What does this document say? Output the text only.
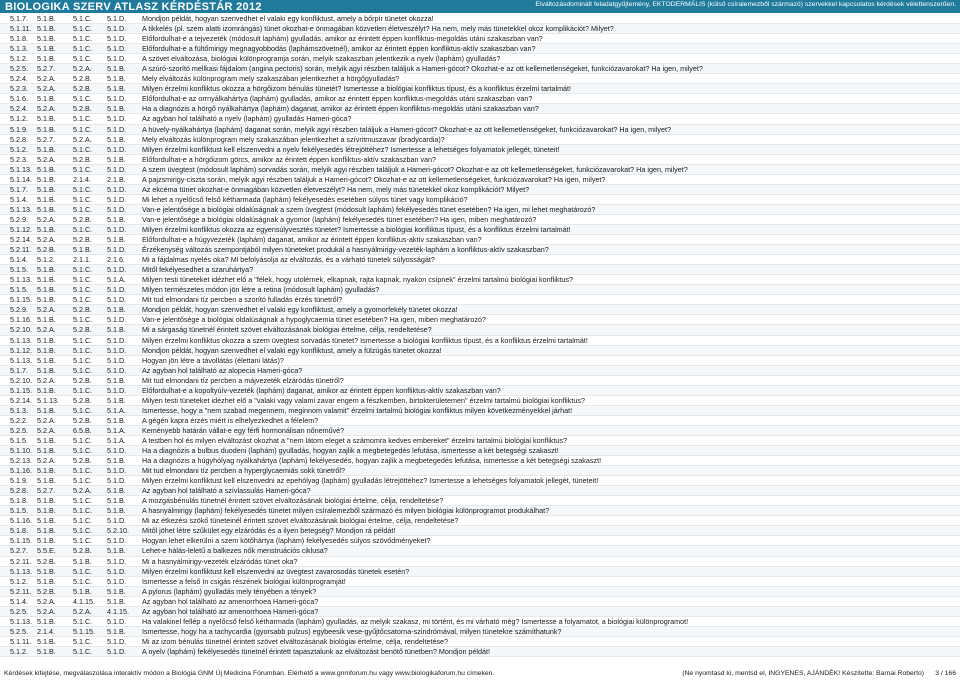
BIOLOGIKA SZERV ATLASZ KÉRDÉSTÁR 2012	Elváltozásdominált feladatgyűjtemény, EKTODERMÁLIS (külső csíralemezből származó) szervekkel kapcsolatos kérdések vélettenszerűen.
5.1.7.	5.1.B.	5.1.C.	5.1.D.	Mondjon példát, hogyan szenvedhet el valaki egy konfliktust, amely a bőrpír tünetet okozza!
5.1.11. 5.1.B.	5.1.C.	5.1.D.	A tikkelés (pl. szem alatti izomrángás) tünet okozhat-e önmagában közvetlen életveszélyt? Ha nem, mely más tünetekkel okoz komplikációt? Milyet?
5.1.8.	5.1.B.	5.1.C.	5.1.D.	Előfordulhat-e a tejvezeték (módosult laphám) gyulladás, amikor az érintett éppen konfliktus-megoldás utáni szakaszban van?
5.1.3.	5.1.B.	5.1.C.	5.1.D.	Előfordulhat-e a fültőmirigy megnagyobbodás (laphámszövetnél), amikor az érintett éppen konfliktus-aktív szakaszban van?
5.1.2.	5.1.B.	5.1.C.	5.1.D.	A szövet elváltozása, biológiai különprogramja során, melyik szakaszban jelentkezik a nyelv (laphám) gyulladás?
5.2.5.	5.2.7.	5.2.A.	5.1.B.	A szúró-szorító mellkasi fájdalom (angina pectoris) során, melyik agyi részben találjuk a Hameri-gócot? Okozhat-e az ott kellemetlenségeket, funkciózavarokat? Ha igen, milyet?
5.2.4.	5.2.A.	5.2.B.	5.1.B.	Mely elváltozás különprogram mely szakaszában jelentkezhet a hörgőgyulladás?
5.2.3.	5.2.A.	5.2.B.	5.1.B.	Milyen érzelmi konfliktus okozza a hörgőizom bénulás tünetét? Ismertesse a biológiai konfliktus típust, és a konfliktus érzelmi tartalmát!
5.1.6.	5.1.B.	5.1.C.	5.1.D.	Előfordulhat-e az orrnyálkahártya (laphám) gyulladás, amikor az érintett éppen konfliktus-megoldás utáni szakaszban van?
5.2.4.	5.2.A.	5.2.B.	5.1.B.	Ha a diagnózis a hörgő nyálkahártya (laphám) daganat, amikor az érintett éppen konfliktus-megoldás utáni szakaszban van?
5.1.2.	5.1.B.	5.1.C.	5.1.D.	Az agyban hol található a nyelv (laphám) gyulladás Hameri-góca?
5.1.9.	5.1.B.	5.1.C.	5.1.D.	A hüvely-nyálkahártya (laphám) daganat során, melyik agyi részben találjuk a Hameri-gócot? Okozhat-e az ott kellemetlenségeket, funkciózavarokat? Ha igen, milyet?
5.2.8.	5.2.7.	5.2.A.	5.1.B.	Mely elváltozás különprogram mely szakaszában jelentkezhet a szívritmuszavar (bradycardia)?
5.1.2.	5.1.B.	5.1.C.	5.1.D.	Milyen érzelmi konfliktust kell elszenvedni a nyelv fekélyesedés létrejöttéhez? Ismertesse a lehetséges folyamatok jellegét, tüneteit!
5.2.3.	5.2.A.	5.2.B.	5.1.B.	Előfordulhat-e a hörgőizom görcs, amikor az érintett éppen konfliktus-aktív szakaszban van?
5.1.13. 5.1.B.	5.1.C.	5.1.D.	A szem üvegtest (módosult laphám) sorvadás során, melyik agyi részben találjuk a Hameri-gócot? Okozhat-e az ott kellemetlenségeket, funkciózavarokat? Ha igen, milyet?
5.1.14. 5.1.B.	2.1.4.	2.1.B.	A pajzsmirigy-ciszta során, melyik agyi részben találjuk a Hameri-gócot? Okozhat-e az ott kellemetlenségeket, funkciózavarokat? Ha igen, milyet?
5.1.7.	5.1.B.	5.1.C.	5.1.D.	Az ekcéma tünet okozhat-e önmagában közvetlen életveszélyt? Ha nem, mely más tünetekkel okoz komplikációt? Milyet?
5.1.4.	5.1.B.	5.1.C.	5.1.D.	Mi lehet a nyelőcső felső kétharmada (laphám) fekélyesedés esetében súlyos tünet vagy komplikáció?
5.1.13. 5.1.B.	5.1.C.	5.1.D.	Van-e jelentősége a biológiai oldalúságnak a szem üvegtest (módosult laphám) fekélyesedés tünet esetében? Ha igen, mi lehet meghatározó?
5.2.9.	5.2.A.	5.2.B.	5.1.B.	Van-e jelentősége a biológiai oldalúságnak a gyomor (laphám) fekélyesedés tünet esetében? Ha igen, miben meghatározó?
5.1.12. 5.1.B.	5.1.C.	5.1.D.	Milyen érzelmi konfliktus okozza az egyensúlyvesztés tünetet? Ismertesse a biológiai konfliktus típust, és a konfliktus érzelmi tartalmát!
5.2.14. 5.2.A.	5.2.B.	5.1.B.	Előfordulhat-e a húgyvezeték (laphám) daganat, amikor az érintett éppen konfliktus-aktív szakaszban van?
5.2.11. 5.2.B.	5.1.B.	5.1.D.	Érzékenység változás szempontjából milyen tüneteket produkál a hasnyálmirigy-vezeték-laphám a konfliktus-aktív szakaszban?
5.1.4.	5.1.2.	2.1.1.	2.1.6.	Mi a fájdalmas nyelés oka? Mi befolyásolja az elváltozás, és a várható tünetek súlyosságát?
5.1.5.	5.1.B.	5.1.C.	5.1.D.	Mitől fekélyesedhet a szaruhártya?
5.1.13. 5.1.B.	5.1.C.	5.1.A.	Milyen testi tüneteket idézhet elő a "félek, hogy utolérnek, elkapnak, rajta kapnak, nyakon csípnek" érzelmi tartalmú biológiai konfliktus?
5.1.5.	5.1.B.	5.1.C.	5.1.D.	Milyen természetes módon jön létre a retina (módosult laphám) gyulladás?
5.1.15. 5.1.B.	5.1.C.	5.1.D.	Mit tud elmondani tíz percben a szorító fulladás érzés tünetről?
5.2.9.	5.2.A.	5.2.B.	5.1.B.	Mondjon példát, hogyan szenvedhet el valaki egy konfliktust, amely a gyomorfekély tünetet okozza!
5.1.16. 5.1.B.	5.1.C.	5.1.D.	Van-e jelentősége a biológiai oldalúságnak a hypoglycaemia tünet esetében? Ha igen, miben meghatározó?
5.2.10. 5.2.A.	5.2.B.	5.1.B.	Mi a sárgaság tünetnél érintett szövet elváltozásának biológiai értelme, célja, rendeltetése?
5.1.13. 5.1.B.	5.1.C.	5.1.D.	Milyen érzelmi konfliktus okozza a szem üvegtest sorvadás tünetet? Ismertesse a biológiai konfliktus típust, és a konfliktus érzelmi tartalmát!
5.1.12. 5.1.B.	5.1.C.	5.1.D.	Mondjon példát, hogyan szenvedhet el valaki egy konfliktust, amely a fülzúgás tünetet okozza!
5.1.13. 5.1.B.	5.1.C.	5.1.D.	Hogyan jön létre a távollátás (élettani látás)?
5.1.7.	5.1.B.	5.1.C.	5.1.D.	Az agyban hol található az alopecia Hameri-góca?
5.2.10. 5.2.A.	5.2.B.	5.1.B.	Mit tud elmondani tíz percben a májvezeték elzáródás tünetről?
5.1.15. 5.1.B.	5.1.C.	5.1.D.	Előfordulhat-e a kopoltyúív-vezeték (laphám) daganat, amikor az érintett éppen konfliktus-aktív szakaszban van?
5.2.14. 5.1.13.	5.2.B.	5.1.B.	Milyen testi tüneteket idézhet elő a "valaki vagy valami zavar engem a fészkemben, birtokterületemen" érzelmi tartalmú biológiai konfliktus?
5.1.3.	5.1.B.	5.1.C.	5.1.A.	Ismertesse, hogy a "nem szabad megennem, meginnom valamit" érzelmi tartalmú biológiai konfliktus milyen következményekkel járhat!
5.2.2.	5.2.A.	5.2.B.	5.1.B.	A gégén kapra érzés miért is elhelyezkedhet a félelem?
5.2.5.	5.2.A.	6.5.B.	5.1.A.	Keményebb határán vállat-e egy férfi hormonálisan nőneművé?
5.1.5.	5.1.B.	5.1.C.	5.1.A.	A testben hol és milyen elváltozást okozhat a "nem látom eleget a számomra kedves embereket" érzelmi tartalmú biológiai konfliktus?
5.1.10. 5.1.B.	5.1.C.	5.1.D.	Ha a diagnózis a bulbus duodeni (laphám) gyulladás, hogyan zajlik a megbetegedés lefutása, ismertesse a két betegségi szakaszt!
5.2.13. 5.2.A.	5.2.B.	5.1.B.	Ha a diagnózis a húgyhólyag nyálkahártya (laphám) fekélyesedés, hogyan zajlik a megbetegedés lefutása, ismertesse a két betegségi szakaszt!
5.1.16. 5.1.B.	5.1.C.	5.1.D.	Mit tud elmondani tíz percben a hyperglycaemiás sokk tünetről?
5.1.9.	5.1.B.	5.1.C.	5.1.D.	Milyen érzelmi konfliktust kell elszenvedni az epehólyag (laphám) gyulladás létrejöttéhez? Ismertesse a lehetséges folyamatok jellegét, tüneteit!
5.2.8.	5.2.7.	5.2.A.	5.1.B.	Az agyban hol található a szívlassulás Hameri-góca?
5.1.8.	5.1.B.	5.1.C.	5.1.B.	A mozgásbénulás tünetnél érintett szövet elváltozásának biológiai értelme, célja, rendeltetése?
5.1.5.	5.1.B.	5.1.C.	5.1.B.	A hasnyálmirigy (laphám) fekélyesedés tünetet milyen csíralemezből származó és milyen biológiai különprogramot produkálhat?
5.1.16. 5.1.B.	5.1.C.	5.1.D.	Mi az étkezési szökő tüneteinél érintett szövet elváltozásának biológiai értelme, célja, rendeltetése?
5.1.8.	5.1.B.	5.1.C.	5.2.10.	Mitől jöhet létre szűkület egy elzáródás és a ilyen betegség? Mondjon rá példát!
5.1.15. 5.1.B.	5.1.C.	5.1.D.	Hogyan lehet elkerülni a szem kötőhártya (laphám) fekélyesedés súlyos szövődményeket?
5.2.7.	5.5.E.	5.2.B.	5.1.B.	Lehet-e hálás-leletű a balkezes nők menstruációs ciklusa?
5.2.11. 5.2.B.	5.1.B.	5.1.D.	Mi a hasnyálmirigy-vezeték elzáródás tünet oka?
5.1.13. 5.1.B.	5.1.C.	5.1.D.	Milyen érzelmi konfliktust kell elszenvedni az üvegtest zavarosodás tünetek esetén?
5.1.2.	5.1.B.	5.1.C.	5.1.D.	Ismertesse a felső ín csigás részének biológiai különprogramját!
5.2.11. 5.2.B.	5.1.B.	5.1.B.	A pylorus (laphám) gyulladás mely tényében a tények?
5.1.4.	5.2.A.	4.1.15.	5.1.B.	Az agyban hol található az amenorrhoea Hameri-góca?
5.2.5.	5.2.A.	5.2.A.	4.1.15.	Az agyban hol található az amenorrhoea Hameri-góca?
5.1.13. 5.1.B.	5.1.C.	5.1.D.	Ha valakinel fellép a nyelőcső felső kétharmada (laphám) gyulladás, az melyik szakasz, mi történt, és mi várható még? Ismertesse a folyamatot, a biológiai különprogramot!
5.2.5.	2.1.4.	5.1.15.	5.1.B.	Ismertesse, hogy ha a tachycardia (gyorsabb pulzus) egybeesik vese-gyűjtőcsatorna-szindrómával, milyen tünetekre számíthatunk?
5.1.11. 5.1.B.	5.1.C.	5.1.D.	Mi az izom bénulás tünetnél érintett szövet elváltozásának biológiai értelme, célja, rendeltetése?
5.1.2.	5.1.B.	5.1.C.	5.1.D.	A nyelv (laphám) fekélyesedés tünetnél érintett tapasztalunk az elváltozást benötő tünetben? Mondjon példát!
Kérdések kifejtése, megválaszolása interaktív módon a Biológia GNM Új Medicina Fórumban. Elérhető a www.gnmforum.hu vagy www.biologikaforum.hu címeken.	(Ne nyomtasd ki, mentsd el, INGYENES, AJÁNDÉK! Készítette: Barnai Roberto) 3 / 166
